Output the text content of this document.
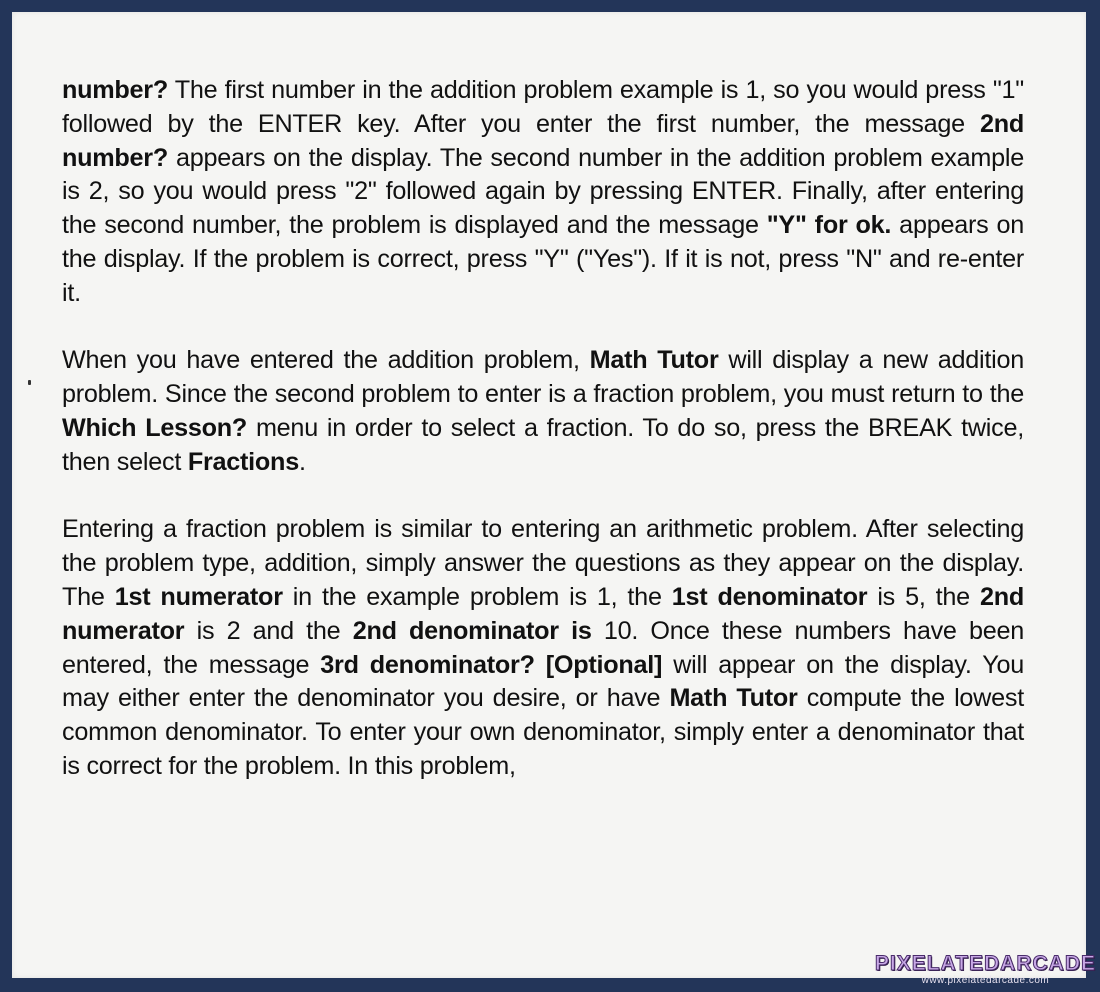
number? The first number in the addition problem example is 1, so you would press "1" followed by the ENTER key. After you enter the first number, the message 2nd number? appears on the display. The second number in the addition problem example is 2, so you would press "2" followed again by pressing ENTER. Finally, after entering the second number, the problem is displayed and the message "Y" for ok. appears on the display. If the problem is correct, press "Y" ("Yes"). If it is not, press "N" and re-enter it.

When you have entered the addition problem, Math Tutor will display a new addition problem. Since the second problem to enter is a fraction problem, you must return to the Which Lesson? menu in order to select a fraction. To do so, press the BREAK twice, then select Fractions.

Entering a fraction problem is similar to entering an arithmetic problem. After selecting the problem type, addition, simply answer the questions as they appear on the display. The 1st numerator in the example problem is 1, the 1st denominator is 5, the 2nd numerator is 2 and the 2nd denominator is 10. Once these numbers have been entered, the message 3rd denominator? [Optional] will appear on the display. You may either enter the denominator you desire, or have Math Tutor compute the lowest common denominator. To enter your own denominator, simply enter a denominator that is correct for the problem. In this problem,

PIXELATEDARCADE
www.pixelatedarcade.com
